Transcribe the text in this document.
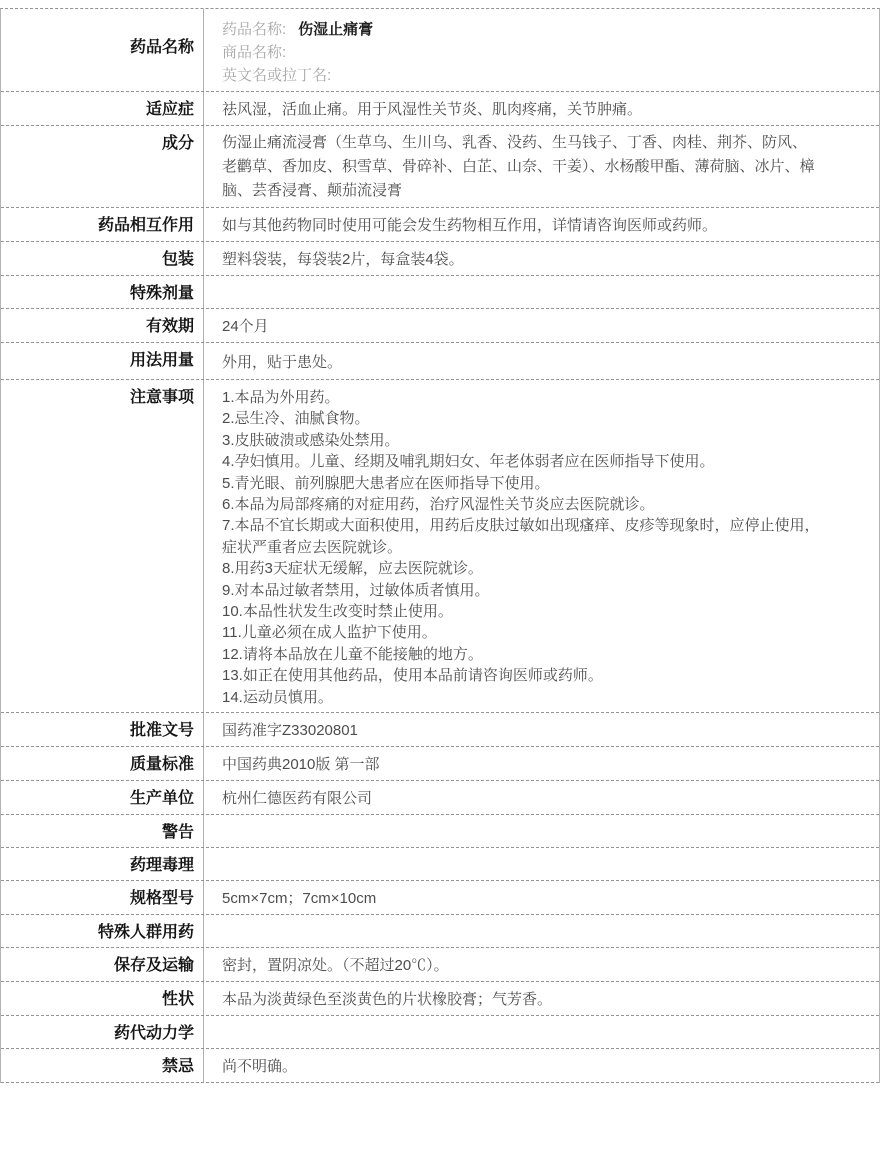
药品名称
药品名称: 伤湿止痛膏
商品名称:
英文名或拉丁名:
适应症	祛风湿，活血止痛。用于风湿性关节炎、肌肉疼痛，关节肿痛。
成分	伤湿止痛流浸膏（生草乌、生川乌、乳香、没药、生马钱子、丁香、肉桂、荆芥、防风、老鹳草、香加皮、积雪草、骨碎补、白芷、山奈、干姜）、水杨酸甲酯、薄荷脑、冰片、樟脑、芸香浸膏、颠茄流浸膏
药品相互作用	如与其他药物同时使用可能会发生药物相互作用，详情请咨询医师或药师。
包装	塑料袋装，每袋装2片，每盒装4袋。
特殊剂量
有效期	24个月
用法用量	外用，贴于患处。
注意事项	1.本品为外用药。
2.忌生冷、油腻食物。
3.皮肤破溃或感染处禁用。
4.孕妇慎用。儿童、经期及哺乳期妇女、年老体弱者应在医师指导下使用。
5.青光眼、前列腺肥大患者应在医师指导下使用。
6.本品为局部疼痛的对症用药，治疗风湿性关节炎应去医院就诊。
7.本品不宜长期或大面积使用，用药后皮肤过敏如出现瘙痒、皮疹等现象时，应停止使用，症状严重者应去医院就诊。
8.用药3天症状无缓解，应去医院就诊。
9.对本品过敏者禁用，过敏体质者慎用。
10.本品性状发生改变时禁止使用。
11.儿童必须在成人监护下使用。
12.请将本品放在儿童不能接触的地方。
13.如正在使用其他药品，使用本品前请咨询医师或药师。
14.运动员慎用。
批准文号	国药准字Z33020801
质量标准	中国药典2010版 第一部
生产单位	杭州仁德医药有限公司
警告
药理毒理
规格型号	5cm×7cm；7cm×10cm
特殊人群用药
保存及运输	密封，置阴凉处。（不超过20℃）。
性状	本品为淡黄绿色至淡黄色的片状橡胶膏；气芳香。
药代动力学
禁忌	尚不明确。
